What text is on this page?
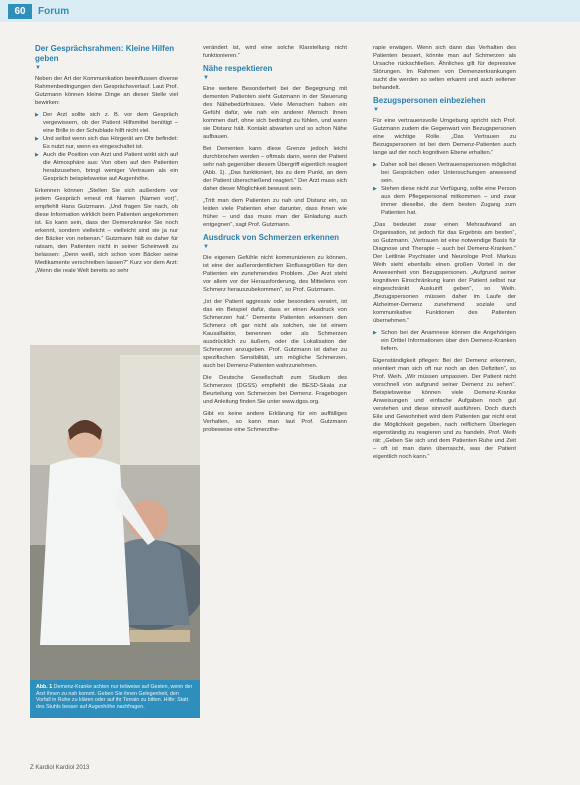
60	Forum
Der Gesprächsrahmen: Kleine Hilfen geben
▼

Neben der Art der Kommunikation beeinflussen diverse Rahmenbedingungen den Gesprächsverlauf. Laut Prof. Gutzmann können kleine Dinge an dieser Stelle viel bewirken:

▶ Der Arzt sollte sich z. B. vor dem Gespräch vergewissern, ob der Patient Hilfsmittel benötigt – eine Brille in der Schublade hilft nicht viel.
▶ Und selbst wenn sich das Hörgerät am Ohr befindet: Es nutzt nur, wenn es eingeschaltet ist.
▶ Auch die Position von Arzt und Patient wirkt sich auf die Atmosphäre aus: Von oben auf den Patienten herabzusehen, bringt weniger Vertrauen als ein Gespräch beispielsweise auf Augenhöhe.

Erkennen können „Stellen Sie sich außerdem vor jedem Gespräch erneut mit Namen (Namen vor)“, empfiehlt Hans Gutzmann. „Und fragen Sie nach, ob diese Information wirklich beim Patienten angekommen ist. Es kann sein, dass der Demenzkranke Sie noch erkennt, sondern vielleicht – vielleicht sind sie ja nur der Bäcker von nebenan.“ Gutzmann hält es daher für ratsam, den Patienten nicht in seiner Scheinwelt zu belassen: „Denn weiß, sich schon vom Bäcker seine Medikamente verschreiben lassen?“ Kurz vor dem Arzt: „Wenn die reale Welt bereits so sehr

Abb. 1 Demenz-Kranke achten nur teilweise auf Gesten, wenn der Arzt ihnen zu nah kommt. Geben Sie ihnen Gelegenheit, den Vorfall in Ruhe zu klären oder auf ihr Terrain zu bitten. Hilfe: Statt des Stuhls besser auf Augenhöhe nachfragen.

verändert ist, wird eine solche Klarstellung nicht funktionieren.“

Nähe respektieren
▼

Eine weitere Besonderheit bei der Begegnung mit dementen Patienten sieht Gutzmann in der Steuerung des Nähebedürfnisses. Viele Menschen haben ein Gefühl dafür, wie nah ein anderer Mensch ihnen kommen darf, ohne sich bedrängt zu fühlen, und wann sie Distanz hält. Kontakt abwarten und so schon Nähe aufbauen.

Bei Dementen kann diese Grenze jedoch leicht durchbrochen werden – oftmals dann, wenn der Patient sehr nah gegenüber diesem Übergriff eigentlich reagiert (Abb. 1). „Das funktioniert, bis zu dem Punkt, an dem der Patient überschießend reagiert.“ Der Arzt muss sich daher dieser Möglichkeit bewusst sein.

„Tritt man dem Patienten zu nah und Distanz ein, so leiden viele Patienten eher darunter, dass ihnen wie früher – und das muss man der Einladung auch entgegnen“, sagt Prof. Gutzmann.

Ausdruck von Schmerzen erkennen
▼

Die eigenen Gefühle nicht kommunizieren zu können, ist eine der außerordentlichen Einflussgrößen für den Patienten ein zunehmendes Problem. „Der Arzt steht vor allem vor der Herausforderung, des Mitteilens von Schmerz herauszubekommen“, so Prof. Gutzmann.

„Ist der Patient aggressiv oder besonders verwirrt, ist das ein Beispiel dafür, dass er einen Ausdruck von Schmerzen hat.“ Demente Patienten erkennen den Schmerz oft gar nicht als solchen, sie ist einem Kausalfaktor, benennen oder als Schmerzen ausdrücklich zu äußern, oder die Lokalisation der Schmerzen anzugeben. Prof. Gutzmann ist daher zu spezifischen Sensibilität, um mögliche Schmerzen, auch bei Demenz-Patienten wahrzunehmen.

Die Deutsche Gesellschaft zum Studium des Schmerzes (DGSS) empfiehlt die BESD-Skala zur Beurteilung von Schmerzen bei Demenz. Fragebogen und Anleitung finden Sie unter www.dgss.org.

Gibt es keine andere Erklärung für ein auffälliges Verhalten, so kann man laut Prof. Gutzmann probeweise eine Schmerzthe-

rapie erwägen. Wenn sich dann das Verhalten des Patienten bessert, könnte man auf Schmerzen als Ursache rückschließen. Ähnliches gilt für depressive Störungen. Im Rahmen von Demenzerkrankungen sucht die werden so selten erkannt und auch seltener behandelt.

Bezugspersonen einbeziehen
▼

Für eine vertrauensvolle Umgebung spricht sich Prof. Gutzmann zudem die Gegenwart von Bezugspersonen eine wichtige Rolle. „Das Vertrauen zu Bezugspersonen ist bei dem Demenz-Patienten auch lange auf der noch kognitiven Ebene erhalten.“

▶ Daher soll bei diesen Vertrauenspersonen möglichst bei Gesprächen oder Untersuchungen anwesend sein.
▶ Stehen diese nicht zur Verfügung, sollte eine Person aus dem Pflegepersonal mitkommen – und zwar immer dieselbe, die dem besten Zugang zum Patienten hat.

„Das bedeutet zwar einen Mehraufwand an Organisation, ist jedoch für das Ergebnis am besten“, so Gutzmann. „Vertrauen ist eine notwendige Basis für Diagnose und Therapie – auch bei Demenz-Kranken.“ Der Leitlinie Psychiater und Neurologe Prof. Markus Weih sieht ebenfalls einen großen Vorteil in der Anwesenheit von Bezugspersonen. „Aufgrund seiner kognitiven Einschränkung kann der Patient selbst nur eingeschränkt Auskunft geben“, so Weih. „Bezugspersonen müssen daher im Laufe der Alzheimer-Demenz zunehmend soziale und kommunikative Funktionen des Patienten übernehmen.“

▶ Schon bei der Anamnese können die Angehörigen ein Drittel Informationen über den Demenz-Kranken liefern.

Eigenständigkeit pflegen: Bei der Demenz erkennen, orientiert man sich oft nur noch an den Defiziten“, so Prof. Weih. „Wir müssen umpassen. Der Patient nicht vorschnell von aufgrund seiner Demenz zu sehen“. Beispielsweise können viele Demenz-Kranke Anweisungen und einfache Aufgaben noch gut verstehen und diese sinnvoll ausführen. Doch durch Eile und Gewohnheit wird dem Patienten gar nicht erst die Möglichkeit gegeben, nach reiflichem Überlegen eigenständig zu reagieren und zu handeln. Prof. Weih rät: „Geben Sie sich und dem Patienten Ruhe und Zeit – oft ist man dann überrascht, was der Patient eigentlich noch kann.“

Z Kardiol Kardiol 2013
